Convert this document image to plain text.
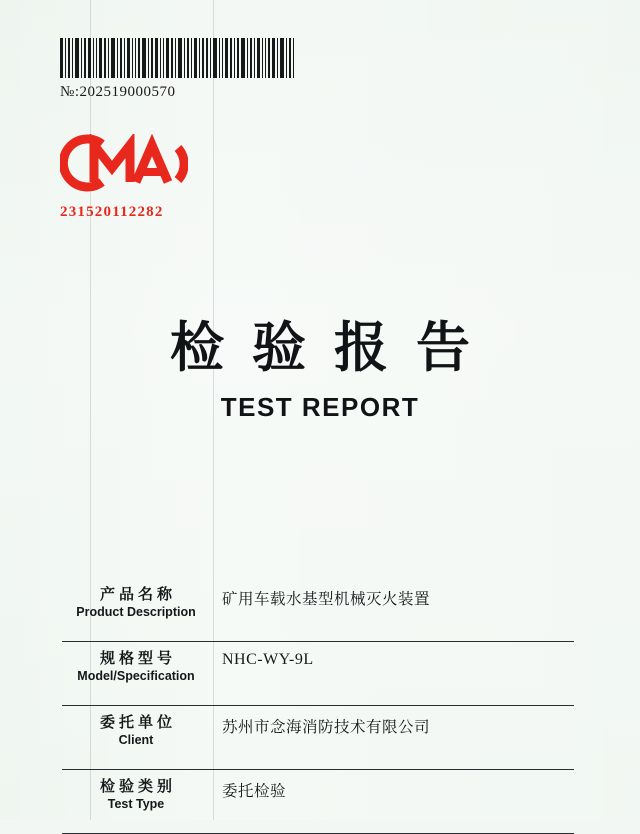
№:202519000570
231520112282
检验报告
TEST REPORT
产品名称
Product Description
矿用车载水基型机械灭火装置
规格型号
Model/Specification
NHC-WY-9L
委托单位
Client
苏州市念海消防技术有限公司
检验类别
Test Type
委托检验
